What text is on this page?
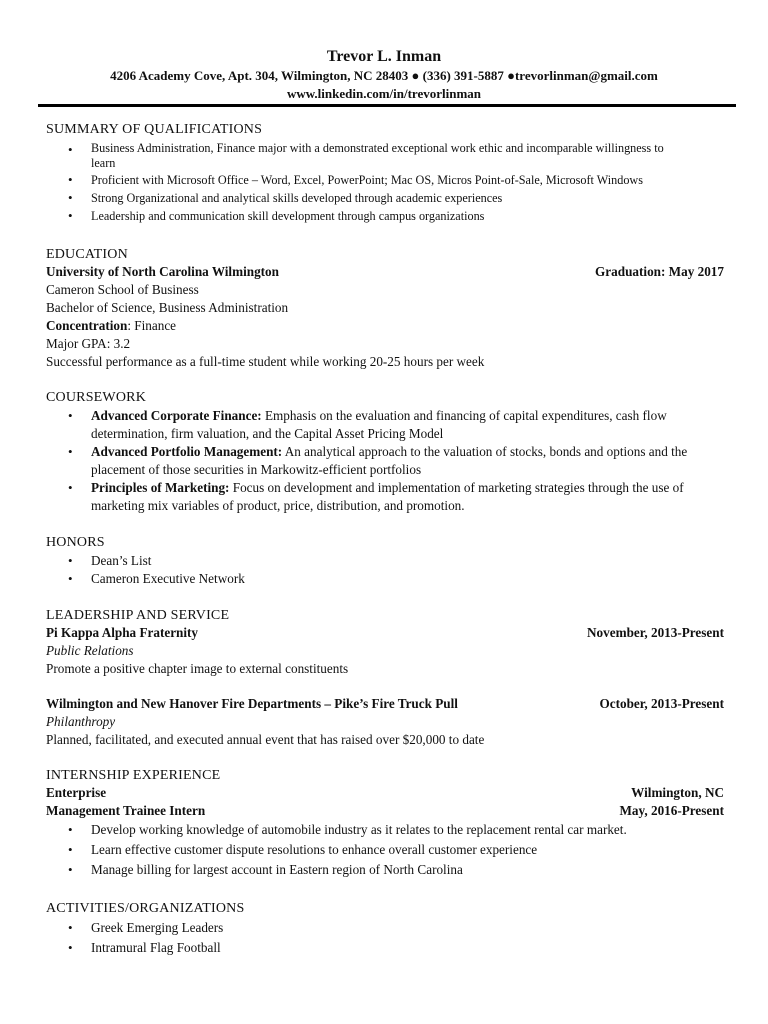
Trevor L. Inman
4206 Academy Cove, Apt. 304, Wilmington, NC 28403 ● (336) 391-5887 ●trevorlinman@gmail.com
www.linkedin.com/in/trevorlinman
SUMMARY OF QUALIFICATIONS
• Business Administration, Finance major with a demonstrated exceptional work ethic and incomparable willingness to learn
• Proficient with Microsoft Office – Word, Excel, PowerPoint; Mac OS, Micros Point-of-Sale, Microsoft Windows
• Strong Organizational and analytical skills developed through academic experiences
• Leadership and communication skill development through campus organizations
EDUCATION
University of North Carolina Wilmington	Graduation: May 2017
Cameron School of Business
Bachelor of Science, Business Administration
Concentration: Finance
Major GPA: 3.2
Successful performance as a full-time student while working 20-25 hours per week
COURSEWORK
• Advanced Corporate Finance: Emphasis on the evaluation and financing of capital expenditures, cash flow determination, firm valuation, and the Capital Asset Pricing Model
• Advanced Portfolio Management: An analytical approach to the valuation of stocks, bonds and options and the placement of those securities in Markowitz-efficient portfolios
• Principles of Marketing: Focus on development and implementation of marketing strategies through the use of marketing mix variables of product, price, distribution, and promotion.
HONORS
• Dean’s List
• Cameron Executive Network
LEADERSHIP AND SERVICE
Pi Kappa Alpha Fraternity	November, 2013-Present
Public Relations
Promote a positive chapter image to external constituents
Wilmington and New Hanover Fire Departments – Pike’s Fire Truck Pull	October, 2013-Present
Philanthropy
Planned, facilitated, and executed annual event that has raised over $20,000 to date
INTERNSHIP EXPERIENCE
Enterprise	Wilmington, NC
Management Trainee Intern	May, 2016-Present
• Develop working knowledge of automobile industry as it relates to the replacement rental car market.
• Learn effective customer dispute resolutions to enhance overall customer experience
• Manage billing for largest account in Eastern region of North Carolina
ACTIVITIES/ORGANIZATIONS
• Greek Emerging Leaders
• Intramural Flag Football
